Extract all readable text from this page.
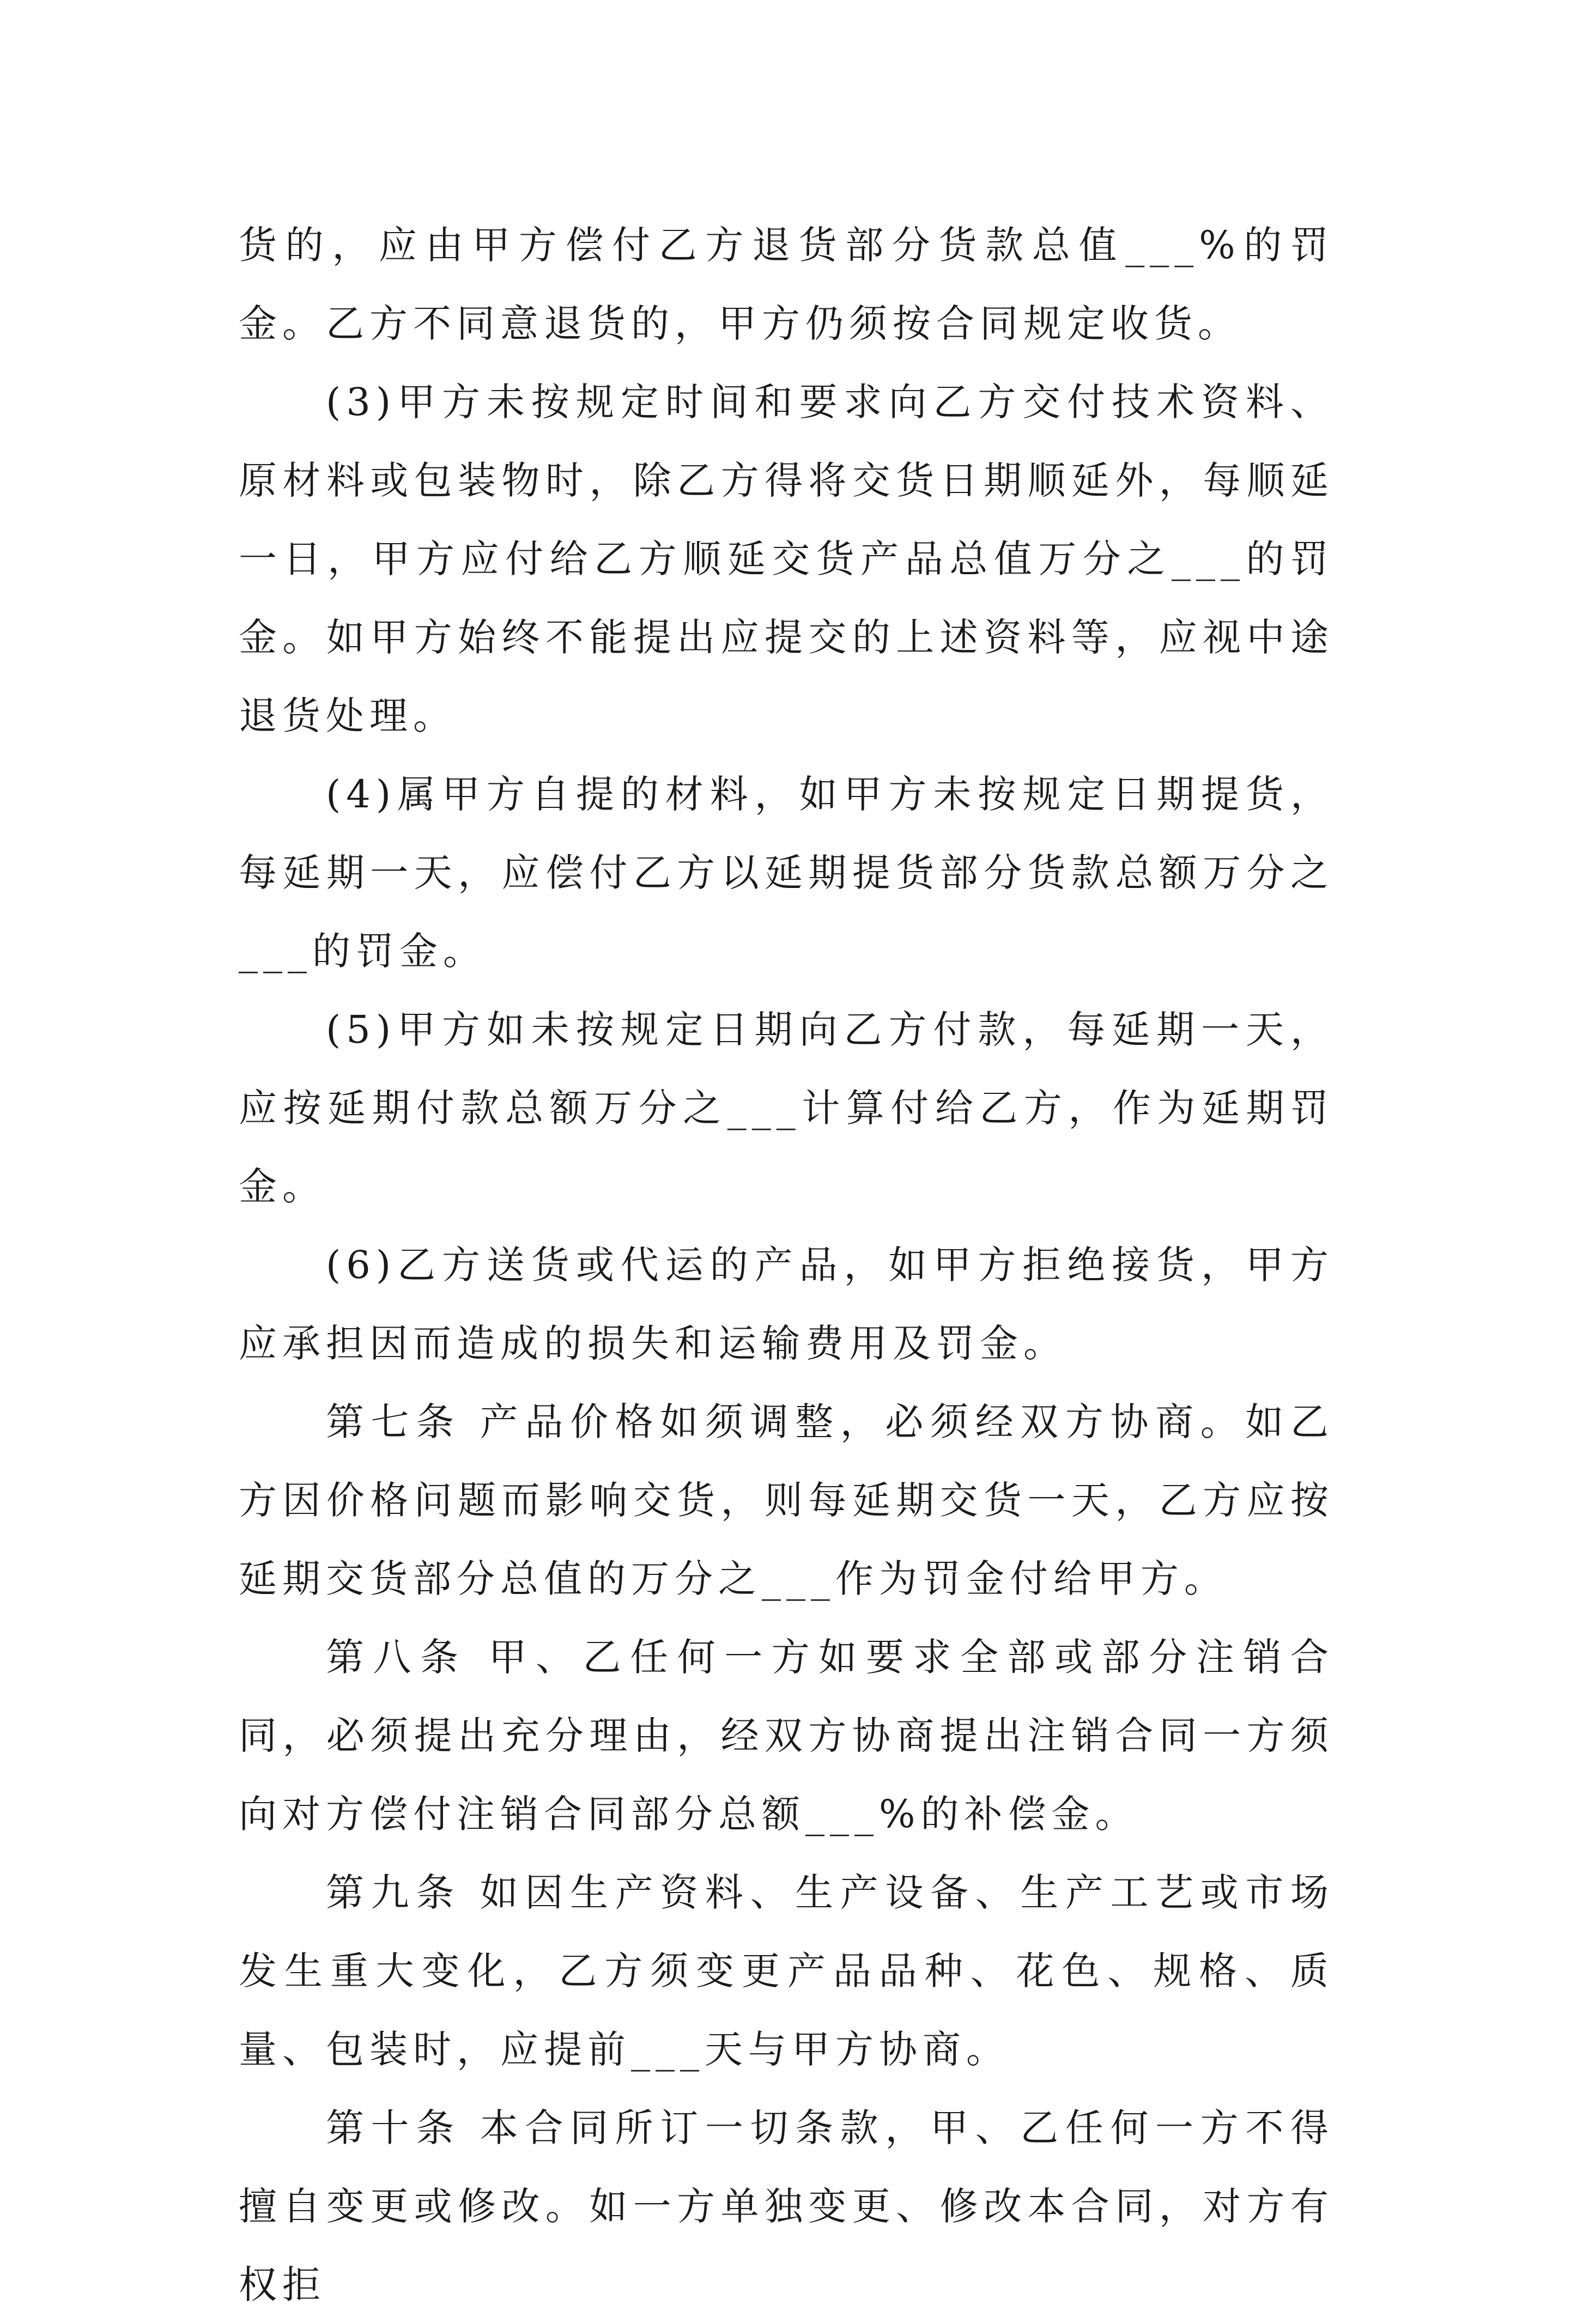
货的，应由甲方偿付乙方退货部分货款总值___%的罚金。乙方不同意退货的，甲方仍须按合同规定收货。

(3)甲方未按规定时间和要求向乙方交付技术资料、原材料或包装物时，除乙方得将交货日期顺延外，每顺延一日，甲方应付给乙方顺延交货产品总值万分之___的罚金。如甲方始终不能提出应提交的上述资料等，应视中途退货处理。

(4)属甲方自提的材料，如甲方未按规定日期提货，每延期一天，应偿付乙方以延期提货部分货款总额万分之___的罚金。

(5)甲方如未按规定日期向乙方付款，每延期一天，应按延期付款总额万分之___计算付给乙方，作为延期罚金。

(6)乙方送货或代运的产品，如甲方拒绝接货，甲方应承担因而造成的损失和运输费用及罚金。

第七条 产品价格如须调整，必须经双方协商。如乙方因价格问题而影响交货，则每延期交货一天，乙方应按延期交货部分总值的万分之___作为罚金付给甲方。

第八条 甲、乙任何一方如要求全部或部分注销合同，必须提出充分理由，经双方协商提出注销合同一方须向对方偿付注销合同部分总额___%的补偿金。

第九条 如因生产资料、生产设备、生产工艺或市场发生重大变化，乙方须变更产品品种、花色、规格、质量、包装时，应提前___天与甲方协商。

第十条 本合同所订一切条款，甲、乙任何一方不得擅自变更或修改。如一方单独变更、修改本合同，对方有权拒
